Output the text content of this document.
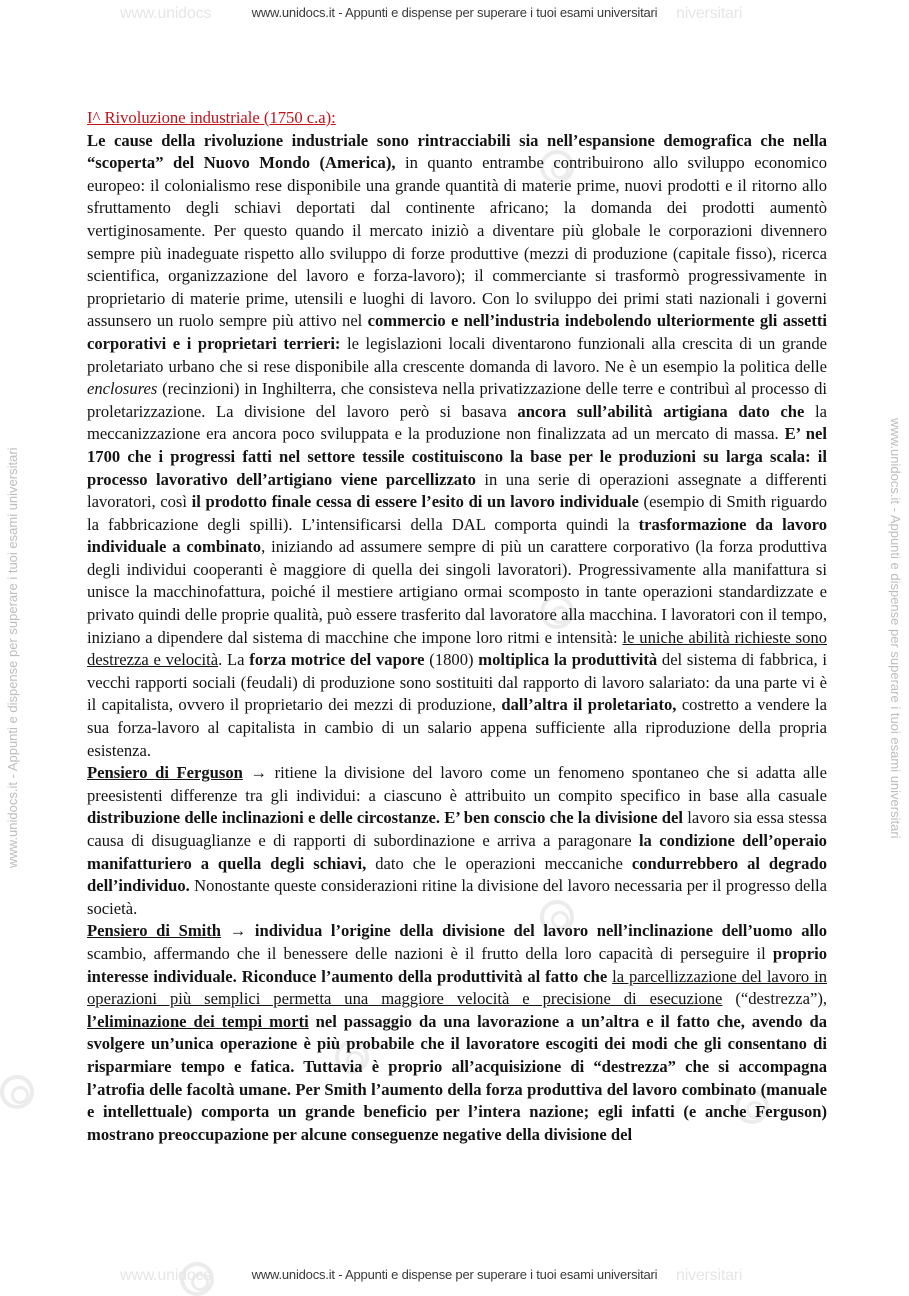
www.unidocs	www.unidocs.it - Appunti e dispense per superare i tuoi esami universitari niversitari
www.unidocs.it - Appunti e dispense per superare i tuoi esami universitari	www.unidocs.it - Appunti e dispense per superare i tuoi esami universitari

I^ Rivoluzione industriale (1750 c.a):

Le cause della rivoluzione industriale sono rintracciabili sia nell’espansione demografica che nella “scoperta” del Nuovo Mondo (America), in quanto entrambe contribuirono allo sviluppo economico europeo: il colonialismo rese disponibile una grande quantità di materie prime, nuovi prodotti e il ritorno allo sfruttamento degli schiavi deportati dal continente africano; la domanda dei prodotti aumentò vertiginosamente. Per questo quando il mercato iniziò a diventare più globale le corporazioni divennero sempre più inadeguate rispetto allo sviluppo di forze produttive (mezzi di produzione (capitale fisso), ricerca scientifica, organizzazione del lavoro e forza-lavoro); il commerciante si trasformò progressivamente in proprietario di materie prime, utensili e luoghi di lavoro. Con lo sviluppo dei primi stati nazionali i governi assunsero un ruolo sempre più attivo nel commercio e nell’industria indebolendo ulteriormente gli assetti corporativi e i proprietari terrieri: le legislazioni locali diventarono funzionali alla crescita di un grande proletariato urbano che si rese disponibile alla crescente domanda di lavoro. Ne è un esempio la politica delle enclosures (recinzioni) in Inghilterra, che consisteva nella privatizzazione delle terre e contribuì al processo di proletarizzazione. La divisione del lavoro però si basava ancora sull’abilità artigiana dato che la meccanizzazione era ancora poco sviluppata e la produzione non finalizzata ad un mercato di massa. E’ nel 1700 che i progressi fatti nel settore tessile costituiscono la base per le produzioni su larga scala: il processo lavorativo dell’artigiano viene parcellizzato in una serie di operazioni assegnate a differenti lavoratori, così il prodotto finale cessa di essere l’esito di un lavoro individuale (esempio di Smith riguardo la fabbricazione degli spilli). L’intensificarsi della DAL comporta quindi la trasformazione da lavoro individuale a combinato, iniziando ad assumere sempre di più un carattere corporativo (la forza produttiva degli individui cooperanti è maggiore di quella dei singoli lavoratori). Progressivamente alla manifattura si unisce la macchinofattura, poiché il mestiere artigiano ormai scomposto in tante operazioni standardizzate e privato quindi delle proprie qualità, può essere trasferito dal lavoratore alla macchina. I lavoratori con il tempo, iniziano a dipendere dal sistema di macchine che impone loro ritmi e intensità: le uniche abilità richieste sono destrezza e velocità. La forza motrice del vapore (1800) moltiplica la produttività del sistema di fabbrica, i vecchi rapporti sociali (feudali) di produzione sono sostituiti dal rapporto di lavoro salariato: da una parte vi è il capitalista, ovvero il proprietario dei mezzi di produzione, dall’altra il proletariato, costretto a vendere la sua forza-lavoro al capitalista in cambio di un salario appena sufficiente alla riproduzione della propria esistenza.

Pensiero di Ferguson → ritiene la divisione del lavoro come un fenomeno spontaneo che si adatta alle preesistenti differenze tra gli individui: a ciascuno è attribuito un compito specifico in base alla casuale distribuzione delle inclinazioni e delle circostanze. E’ ben conscio che la divisione del lavoro sia essa stessa causa di disuguaglianze e di rapporti di subordinazione e arriva a paragonare la condizione dell’operaio manifatturiero a quella degli schiavi, dato che le operazioni meccaniche condurrebbero al degrado dell’individuo. Nonostante queste considerazioni ritine la divisione del lavoro necessaria per il progresso della società.

Pensiero di Smith → individua l’origine della divisione del lavoro nell’inclinazione dell’uomo allo scambio, affermando che il benessere delle nazioni è il frutto della loro capacità di perseguire il proprio interesse individuale. Riconduce l’aumento della produttività al fatto che la parcellizzazione del lavoro in operazioni più semplici permetta una maggiore velocità e precisione di esecuzione (“destrezza”), l’eliminazione dei tempi morti nel passaggio da una lavorazione a un’altra e il fatto che, avendo da svolgere un’unica operazione è più probabile che il lavoratore escogiti dei modi che gli consentano di risparmiare tempo e fatica. Tuttavia è proprio all’acquisizione di “destrezza” che si accompagna l’atrofia delle facoltà umane. Per Smith l’aumento della forza produttiva del lavoro combinato (manuale e intellettuale) comporta un grande beneficio per l’intera nazione; egli infatti (e anche Ferguson) mostrano preoccupazione per alcune conseguenze negative della divisione del

www.unidocs	www.unidocs.it - Appunti e dispense per superare i tuoi esami universitari niversitari
